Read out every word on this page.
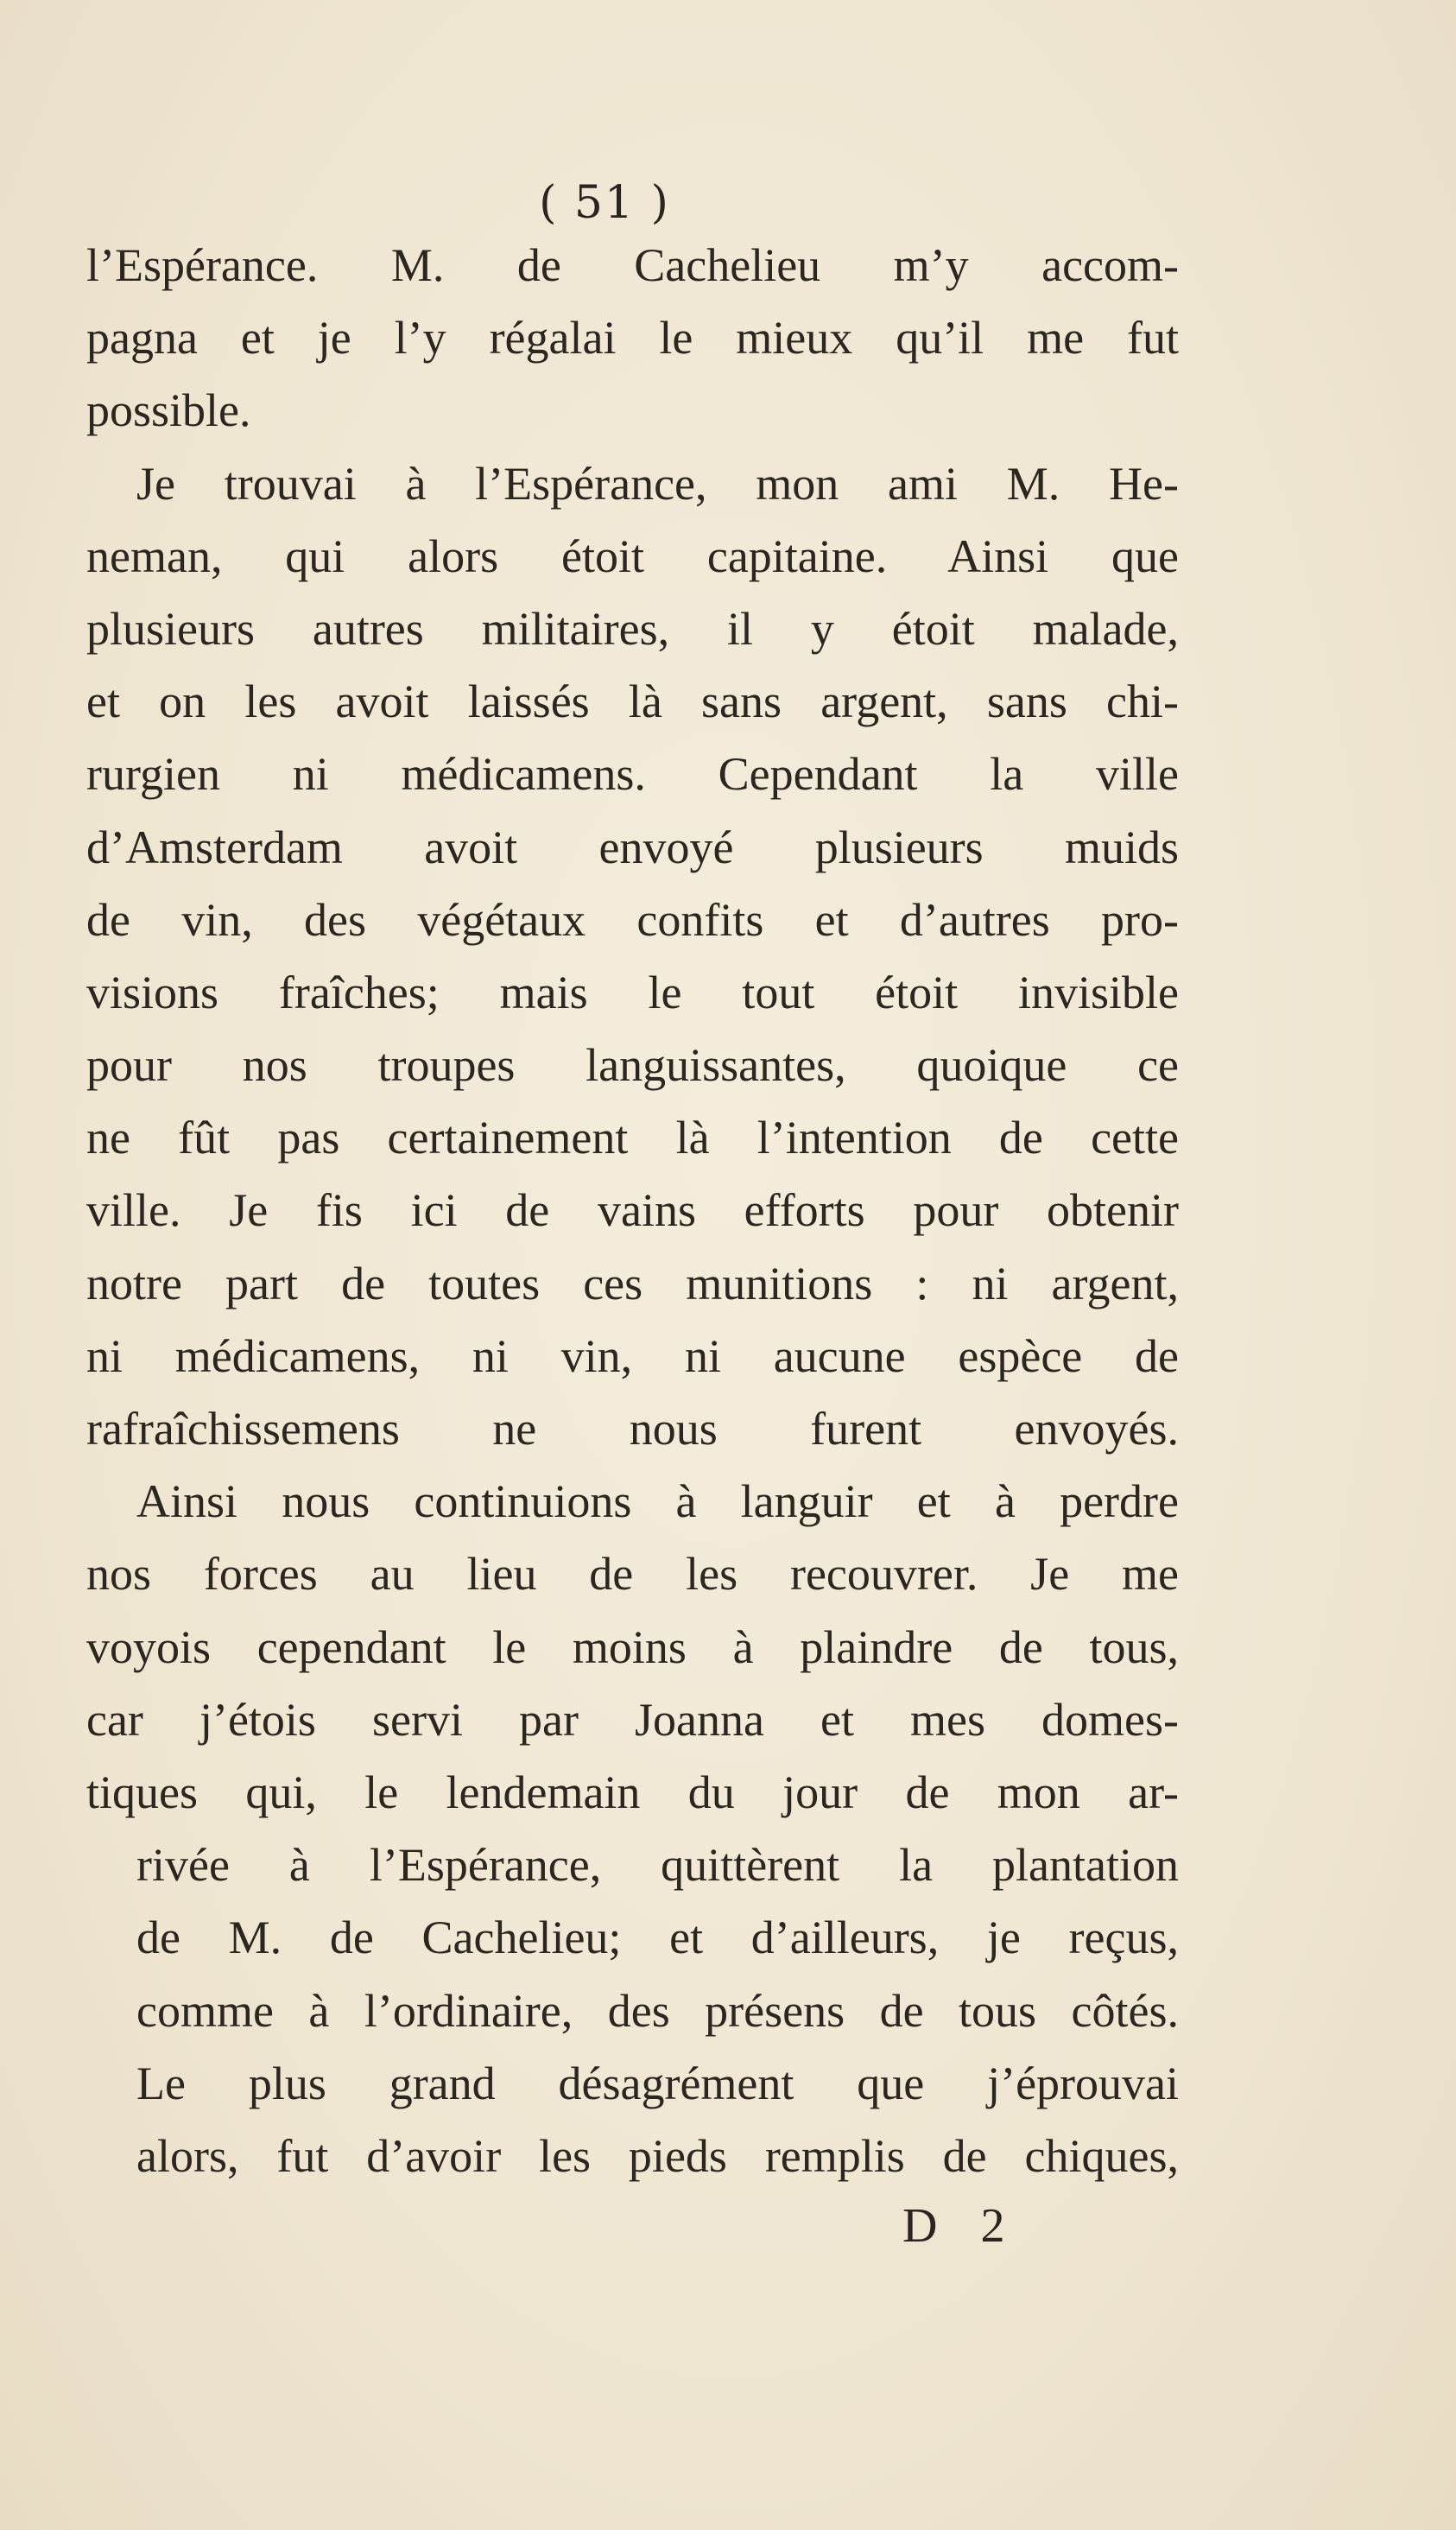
( 51 )
l’Espérance. M. de Cachelieu m’y accom-
pagna et je l’y régalai le mieux qu’il me fut
possible.
Je trouvai à l’Espérance, mon ami M. He-
neman, qui alors étoit capitaine. Ainsi que
plusieurs autres militaires, il y étoit malade,
et on les avoit laissés là sans argent, sans chi-
rurgien ni médicamens. Cependant la ville
d’Amsterdam avoit envoyé plusieurs muids
de vin, des végétaux confits et d’autres pro-
visions fraîches; mais le tout étoit invisible
pour nos troupes languissantes, quoique ce
ne fût pas certainement là l’intention de cette
ville. Je fis ici de vains efforts pour obtenir
notre part de toutes ces munitions : ni argent,
ni médicamens, ni vin, ni aucune espèce de
rafraîchissemens ne nous furent envoyés.
Ainsi nous continuions à languir et à perdre
nos forces au lieu de les recouvrer. Je me
voyois cependant le moins à plaindre de tous,
car j’étois servi par Joanna et mes domes-
tiques qui, le lendemain du jour de mon ar-
rivée à l’Espérance, quittèrent la plantation
de M. de Cachelieu; et d’ailleurs, je reçus,
comme à l’ordinaire, des présens de tous côtés.
Le plus grand désagrément que j’éprouvai
alors, fut d’avoir les pieds remplis de chiques,
D 2
